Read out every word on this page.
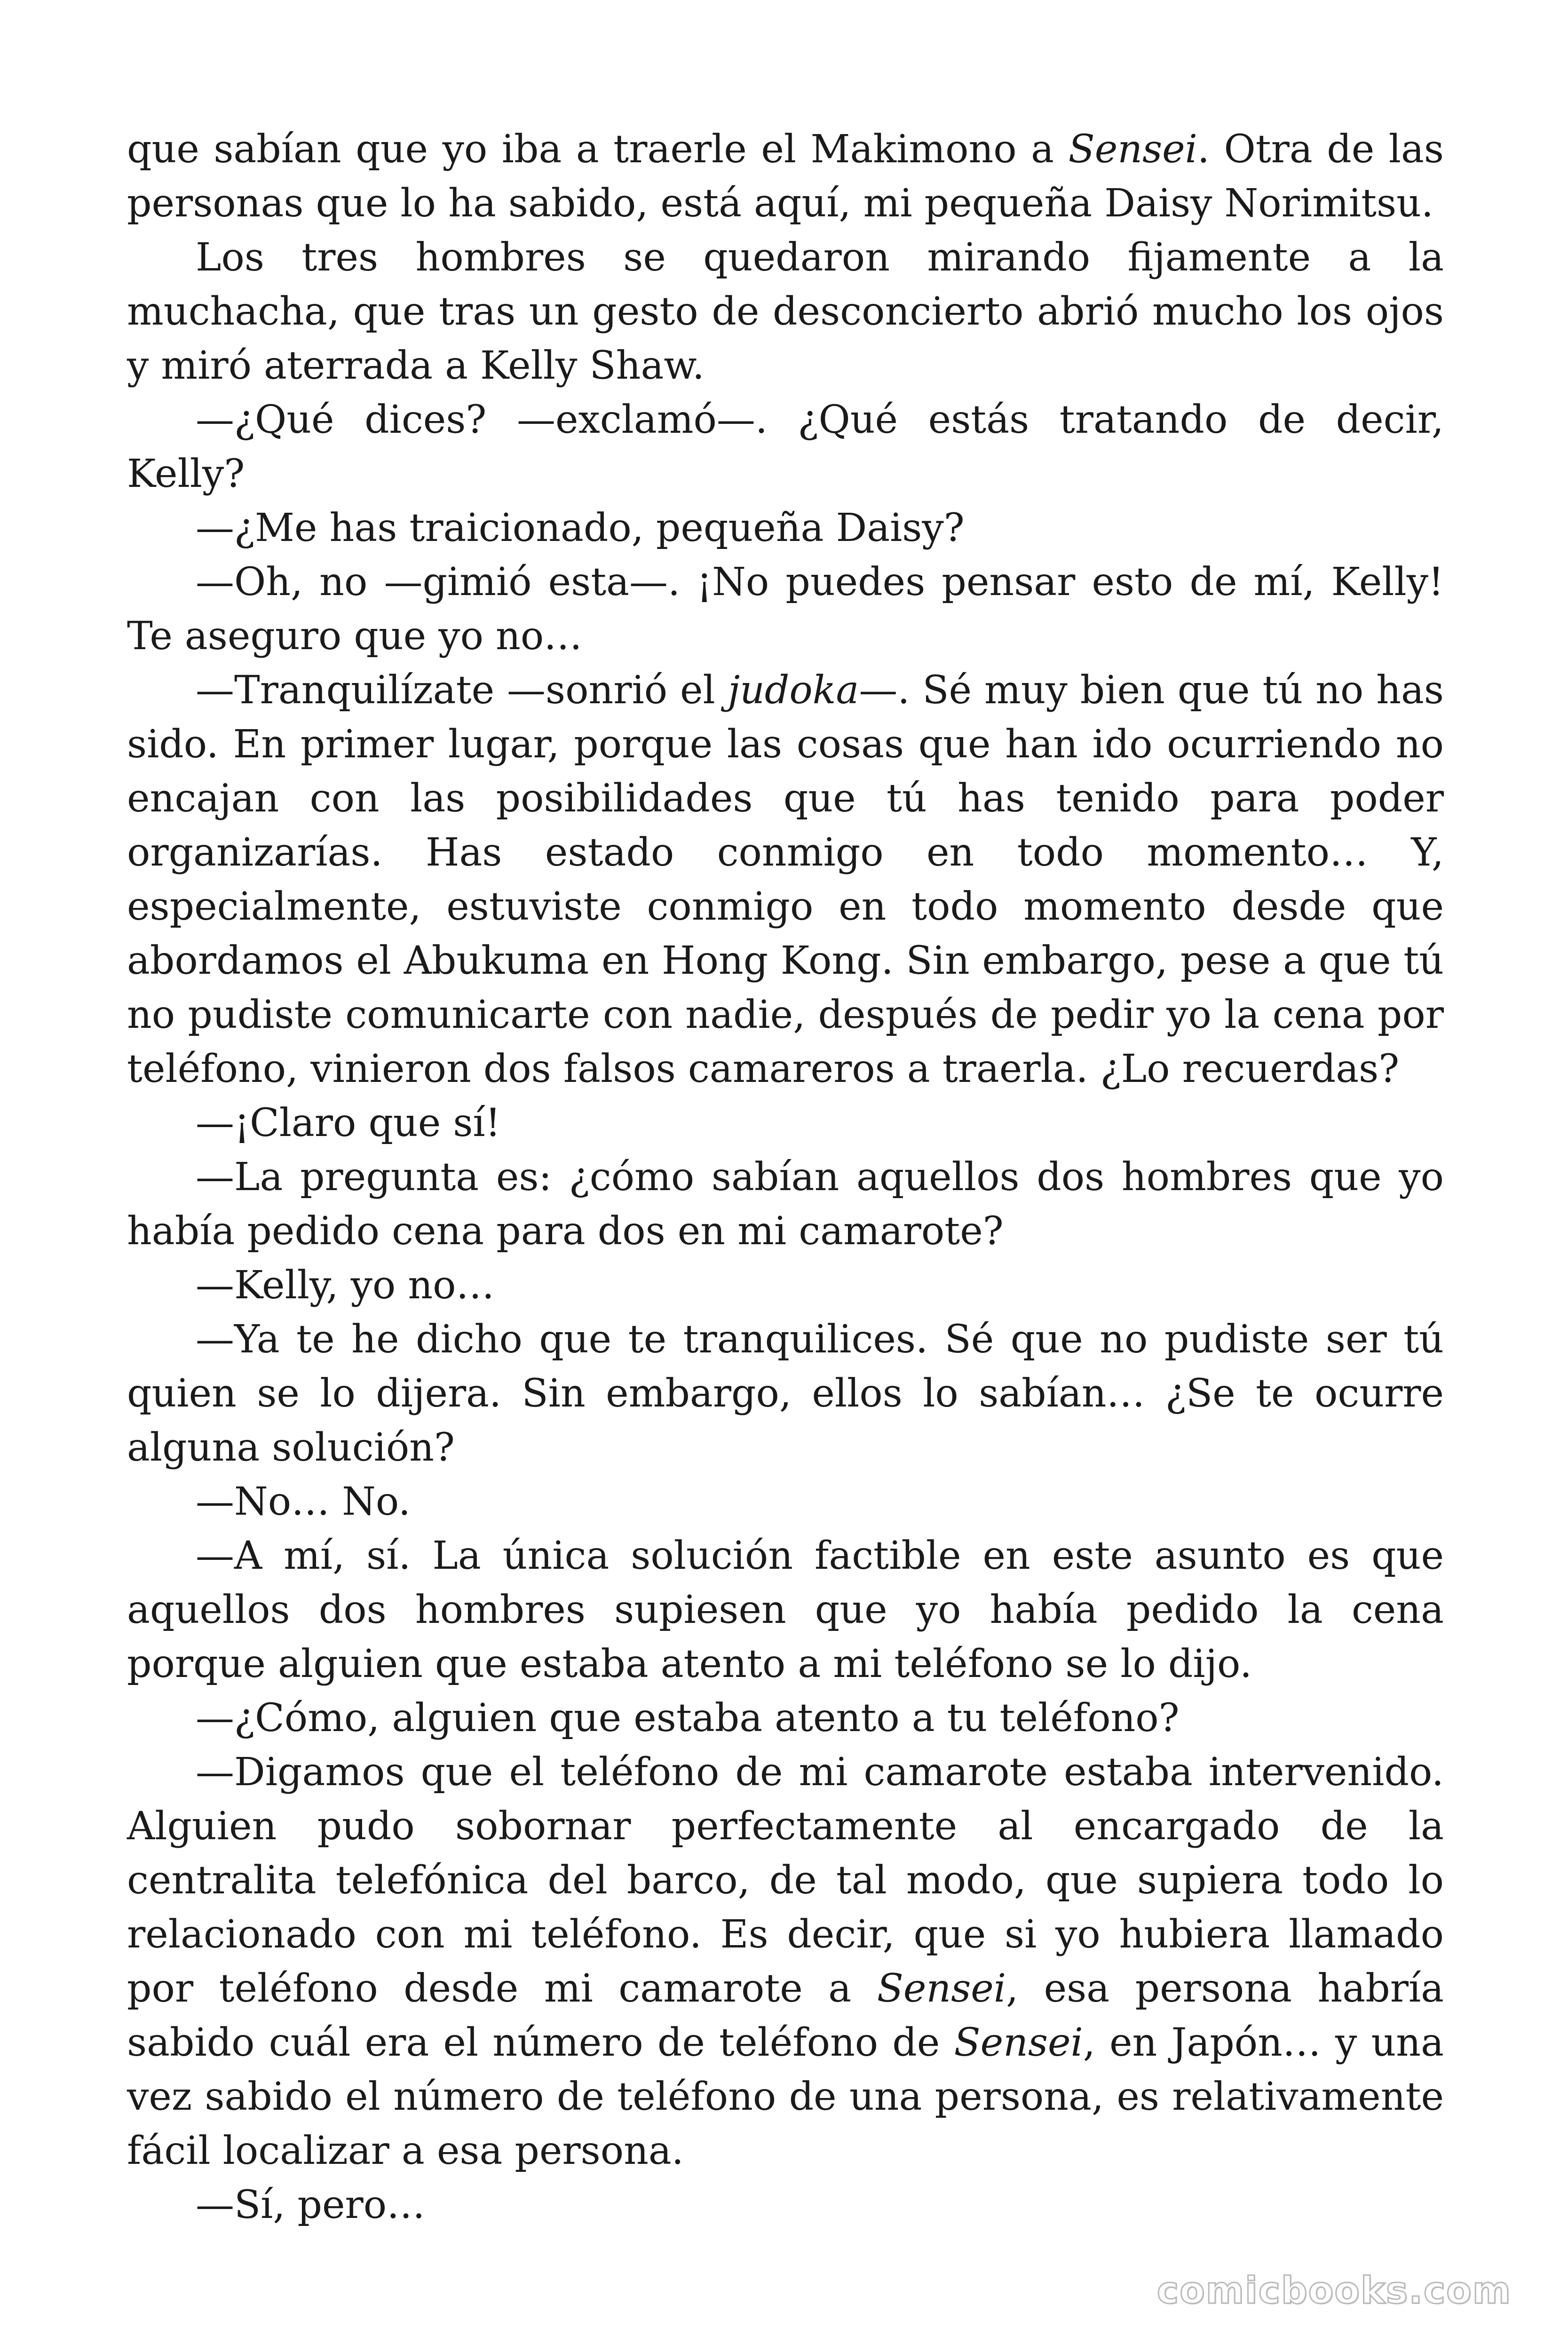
que sabían que yo iba a traerle el Makimono a Sensei. Otra de las personas que lo ha sabido, está aquí, mi pequeña Daisy Norimitsu.

Los tres hombres se quedaron mirando fijamente a la muchacha, que tras un gesto de desconcierto abrió mucho los ojos y miró aterrada a Kelly Shaw.

—¿Qué dices? —exclamó—. ¿Qué estás tratando de decir, Kelly?

—¿Me has traicionado, pequeña Daisy?

—Oh, no —gimió esta—. ¡No puedes pensar esto de mí, Kelly! Te aseguro que yo no…

—Tranquilízate —sonrió el judoka—. Sé muy bien que tú no has sido. En primer lugar, porque las cosas que han ido ocurriendo no encajan con las posibilidades que tú has tenido para poder organizarías. Has estado conmigo en todo momento… Y, especialmente, estuviste conmigo en todo momento desde que abordamos el Abukuma en Hong Kong. Sin embargo, pese a que tú no pudiste comunicarte con nadie, después de pedir yo la cena por teléfono, vinieron dos falsos camareros a traerla. ¿Lo recuerdas?

—¡Claro que sí!

—La pregunta es: ¿cómo sabían aquellos dos hombres que yo había pedido cena para dos en mi camarote?

—Kelly, yo no…

—Ya te he dicho que te tranquilices. Sé que no pudiste ser tú quien se lo dijera. Sin embargo, ellos lo sabían… ¿Se te ocurre alguna solución?

—No… No.

—A mí, sí. La única solución factible en este asunto es que aquellos dos hombres supiesen que yo había pedido la cena porque alguien que estaba atento a mi teléfono se lo dijo.

—¿Cómo, alguien que estaba atento a tu teléfono?

—Digamos que el teléfono de mi camarote estaba intervenido. Alguien pudo sobornar perfectamente al encargado de la centralita telefónica del barco, de tal modo, que supiera todo lo relacionado con mi teléfono. Es decir, que si yo hubiera llamado por teléfono desde mi camarote a Sensei, esa persona habría sabido cuál era el número de teléfono de Sensei, en Japón… y una vez sabido el número de teléfono de una persona, es relativamente fácil localizar a esa persona.

—Sí, pero…

comicbooks.com
